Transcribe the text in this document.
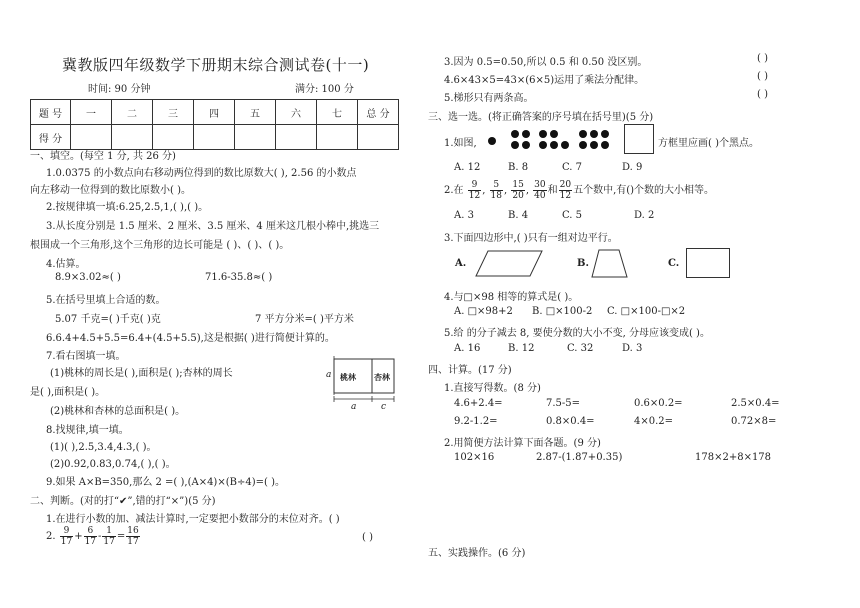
冀教版四年级数学下册期末综合测试卷(十一)
时间: 90 分钟	满分: 100 分
题 号	一	二	三	四	五	六	七	总 分
得 分								
一、填空。(每空 1 分, 共 26 分)
1.0.0375 的小数点向右移动两位得到的数比原数大( ), 2.56 的小数点
向左移动一位得到的数比原数小( )。
2.按规律填一填:6.25,2.5,1,( ),( )。
3.从长度分别是 1.5 厘米、2 厘米、3.5 厘米、4 厘米这几根小棒中,挑选三
根围成一个三角形,这个三角形的边长可能是 ( )、( )、( )。
4.估算。
8.9×3.02≈( )	71.6-35.8≈( )
5.在括号里填上合适的数。
5.07 千克=( )千克( )克	7 平方分米=( )平方米
6.6.4+4.5+5.5=6.4+(4.5+5.5),这是根据( )进行简便计算的。
7.看右图填一填。
(1)桃林的周长是( ),面积是( );杏林的周长
是( ),面积是( )。
(2)桃林和杏林的总面积是( )。
a 桃林 杏林
a	c
8.找规律,填一填。
(1)( ),2.5,3.4,4.3,( )。
(2)0.92,0.83,0.74,( ),( )。
9.如果 A×B=350,那么 2 =( ),(A×4)×(B÷4)=( )。
二、判断。(对的打“✔”,错的打“×”)(5 分)
1.在进行小数的加、减法计算时,一定要把小数部分的末位对齐。( )
2. $\frac{9}{17} + \frac{6}{17} - \frac{1}{17} = \frac{16}{17}$	( )
3.因为 0.5=0.50,所以 0.5 和 0.50 没区别。	( )
4.6×43×5=43×(6×5)运用了乘法分配律。	( )
5.梯形只有两条高。	( )
三、选一选。(将正确答案的序号填在括号里)(5 分)
1.如图,	方框里应画( )个黑点。
A. 12	B. 8	C. 7	D. 9
2.在 $\frac{9}{12}$ , $\frac{5}{18}$ , $\frac{15}{20}$ , $\frac{30}{40}$ 和 $\frac{20}{12}$ 五个数中,有()个数的大小相等。
A. 3	B. 4	C. 5	D. 2
3.下面四边形中,( )只有一组对边平行。
A.	B.	C.
4.与□×98 相等的算式是( )。
A. □×98+2 B. □×100-2 C. □×100-□×2
5.给 的分子减去 8, 要使分数的大小不变, 分母应该变成( )。
A. 16	B. 12	C. 32	D. 3
四、计算。(17 分)
1.直接写得数。(8 分)
4.6+2.4=	7.5-5=	0.6×0.2=	2.5×0.4=
9.2-1.2=	0.8×0.4=	4×0.2=	0.72×8=
2.用简便方法计算下面各题。(9 分)
102×16	2.87-(1.87+0.35)	178×2+8×178
五、实践操作。(6 分)
